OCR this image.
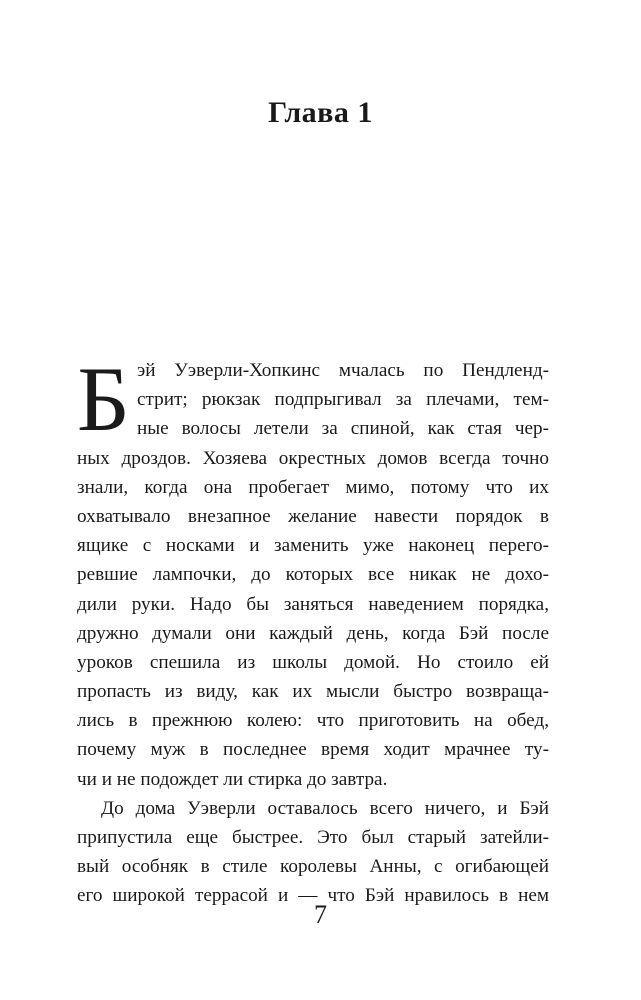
Глава 1
Б эй Уэверли-Хопкинс мчалась по Пендленд-
стрит; рюкзак подпрыгивал за плечами, тем-
ные волосы летели за спиной, как стая чер-
ных дроздов. Хозяева окрестных домов всегда точно
знали, когда она пробегает мимо, потому что их
охватывало внезапное желание навести порядок в
ящике с носками и заменить уже наконец перего-
ревшие лампочки, до которых все никак не дохо-
дили руки. Надо бы заняться наведением порядка,
дружно думали они каждый день, когда Бэй после
уроков спешила из школы домой. Но стоило ей
пропасть из виду, как их мысли быстро возвраща-
лись в прежнюю колею: что приготовить на обед,
почему муж в последнее время ходит мрачнее ту-
чи и не подождет ли стирка до завтра.
До дома Уэверли оставалось всего ничего, и Бэй
припустила еще быстрее. Это был старый затейли-
вый особняк в стиле королевы Анны, с огибающей
его широкой террасой и — что Бэй нравилось в нем
7
